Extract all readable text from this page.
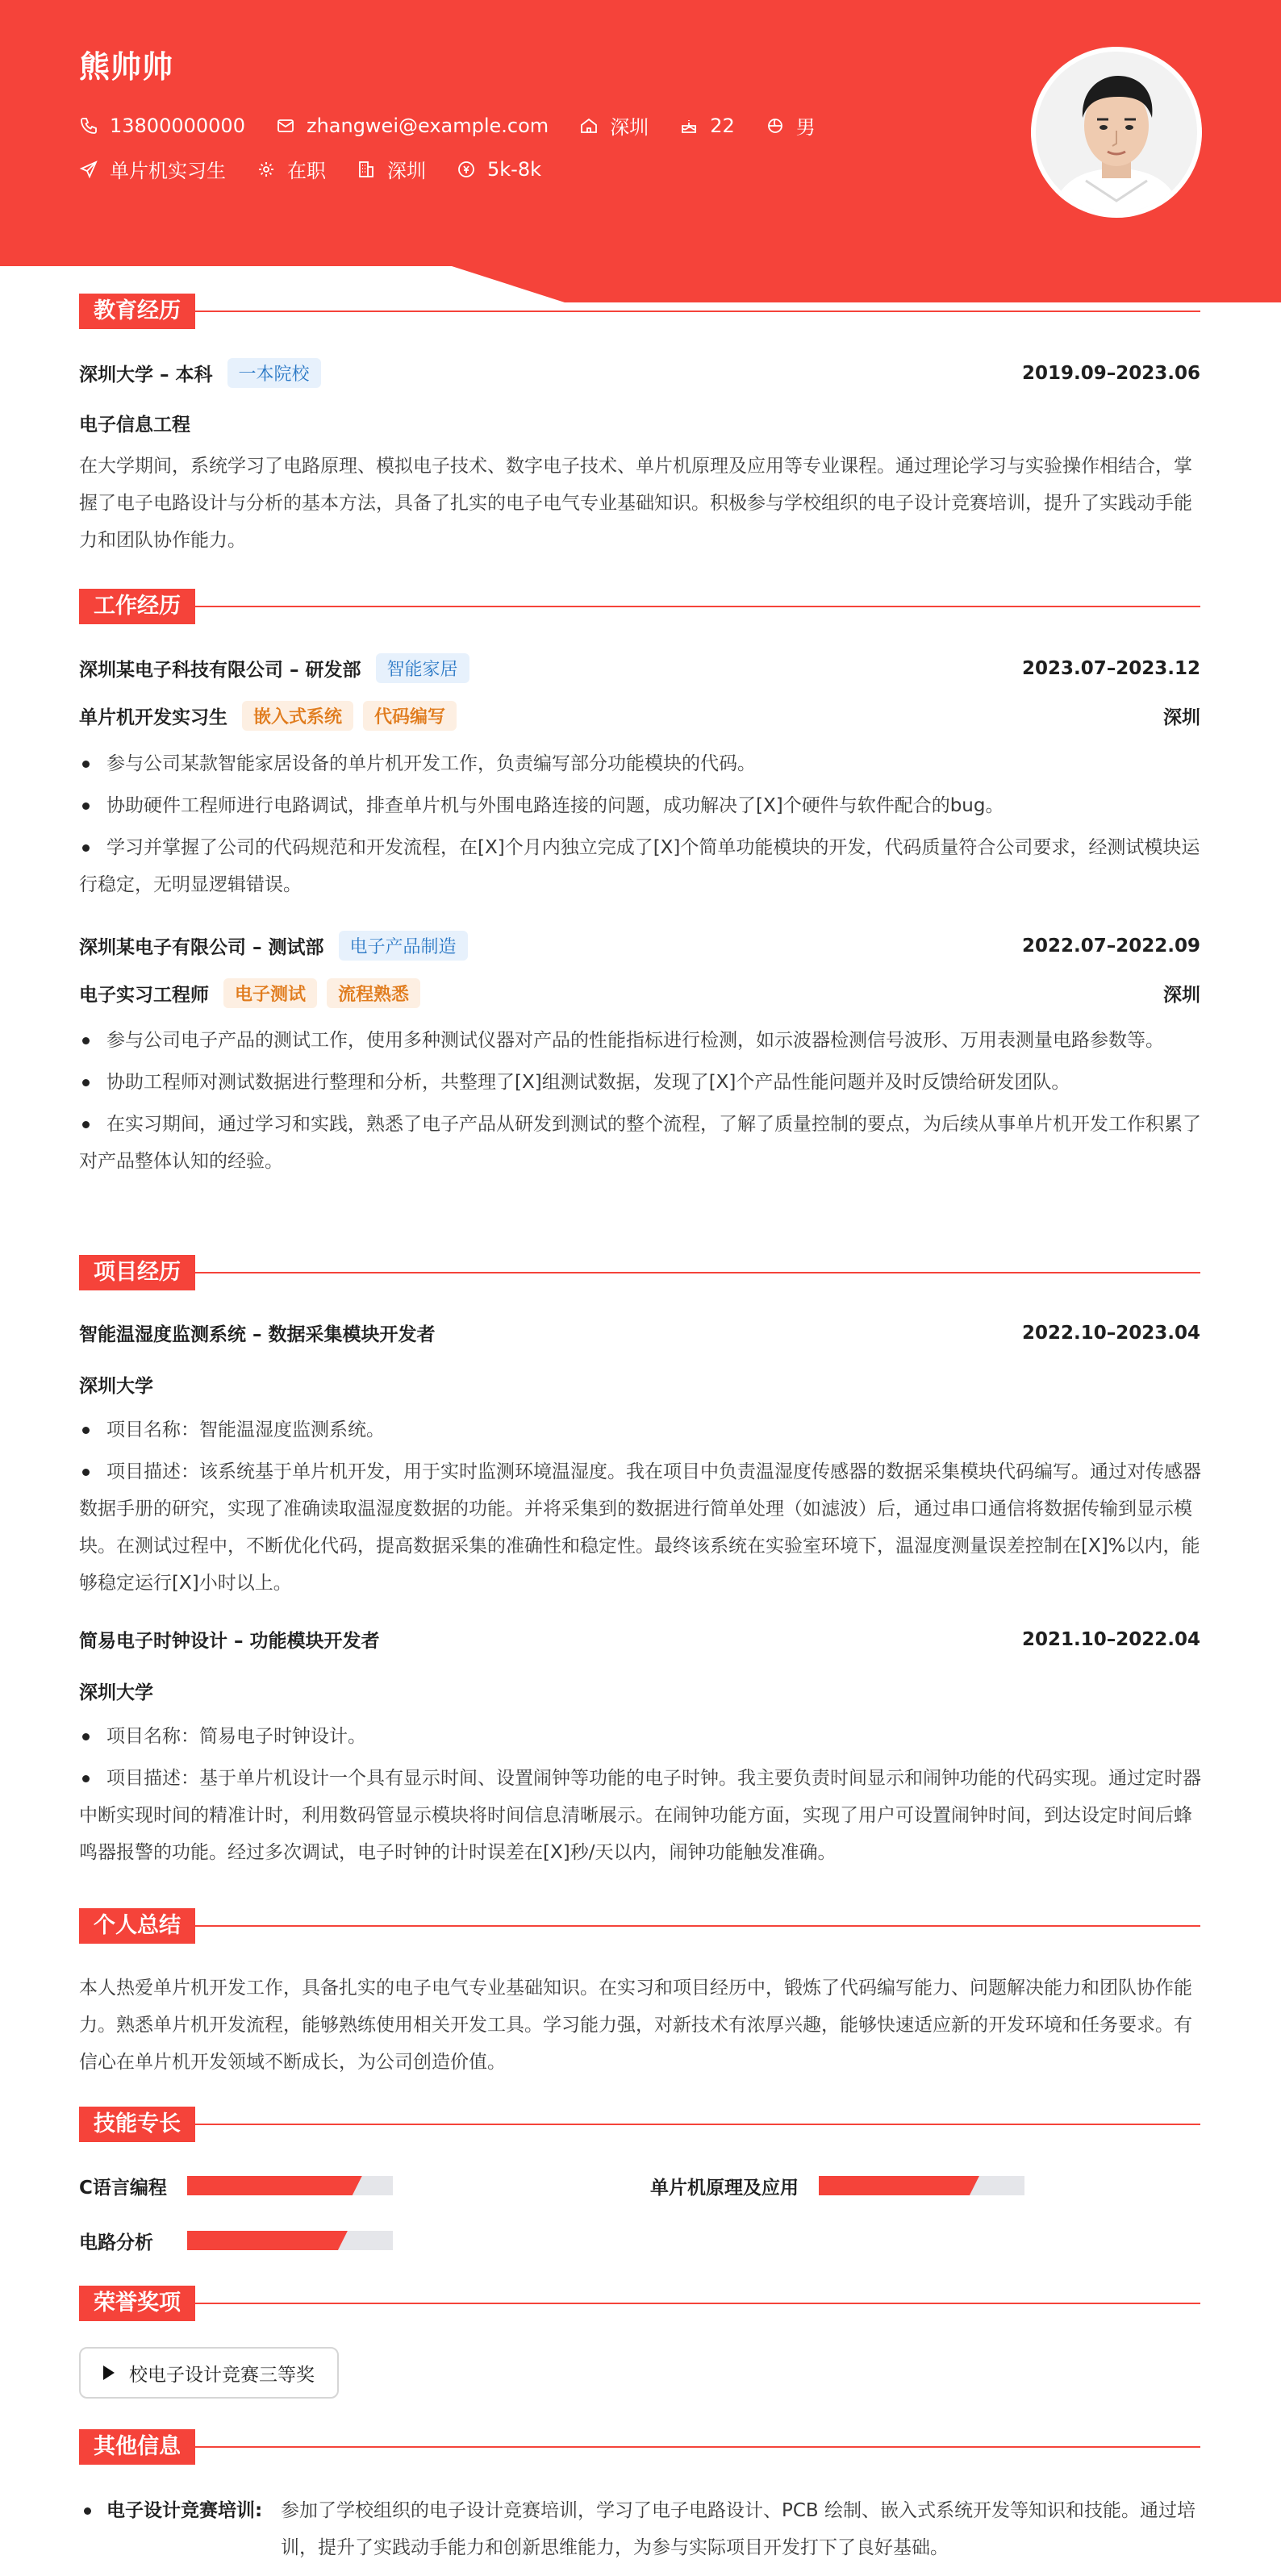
熊帅帅
13800000000	zhangwei@example.com	深圳	22	男
单片机实习生	在职	深圳	5k-8k
教育经历
深圳大学 – 本科	一本院校	2019.09–2023.06
电子信息工程
在大学期间，系统学习了电路原理、模拟电子技术、数字电子技术、单片机原理及应用等专业课程。通过理论学习与实验操作相结合，掌握了电子电路设计与分析的基本方法，具备了扎实的电子电气专业基础知识。积极参与学校组织的电子设计竞赛培训，提升了实践动手能力和团队协作能力。
工作经历
深圳某电子科技有限公司 – 研发部	智能家居	2023.07–2023.12
单片机开发实习生	嵌入式系统	代码编写	深圳
参与公司某款智能家居设备的单片机开发工作，负责编写部分功能模块的代码。
协助硬件工程师进行电路调试，排查单片机与外围电路连接的问题，成功解决了[X]个硬件与软件配合的bug。
学习并掌握了公司的代码规范和开发流程，在[X]个月内独立完成了[X]个简单功能模块的开发，代码质量符合公司要求，经测试模块运行稳定，无明显逻辑错误。
深圳某电子有限公司 – 测试部	电子产品制造	2022.07–2022.09
电子实习工程师	电子测试	流程熟悉	深圳
参与公司电子产品的测试工作，使用多种测试仪器对产品的性能指标进行检测，如示波器检测信号波形、万用表测量电路参数等。
协助工程师对测试数据进行整理和分析，共整理了[X]组测试数据，发现了[X]个产品性能问题并及时反馈给研发团队。
在实习期间，通过学习和实践，熟悉了电子产品从研发到测试的整个流程，了解了质量控制的要点，为后续从事单片机开发工作积累了对产品整体认知的经验。
项目经历
智能温湿度监测系统 – 数据采集模块开发者	2022.10–2023.04
深圳大学
项目名称：智能温湿度监测系统。
项目描述：该系统基于单片机开发，用于实时监测环境温湿度。我在项目中负责温湿度传感器的数据采集模块代码编写。通过对传感器数据手册的研究，实现了准确读取温湿度数据的功能。并将采集到的数据进行简单处理（如滤波）后，通过串口通信将数据传输到显示模块。在测试过程中，不断优化代码，提高数据采集的准确性和稳定性。最终该系统在实验室环境下，温湿度测量误差控制在[X]%以内，能够稳定运行[X]小时以上。
简易电子时钟设计 – 功能模块开发者	2021.10–2022.04
深圳大学
项目名称：简易电子时钟设计。
项目描述：基于单片机设计一个具有显示时间、设置闹钟等功能的电子时钟。我主要负责时间显示和闹钟功能的代码实现。通过定时器中断实现时间的精准计时，利用数码管显示模块将时间信息清晰展示。在闹钟功能方面，实现了用户可设置闹钟时间，到达设定时间后蜂鸣器报警的功能。经过多次调试，电子时钟的计时误差在[X]秒/天以内，闹钟功能触发准确。
个人总结
本人热爱单片机开发工作，具备扎实的电子电气专业基础知识。在实习和项目经历中，锻炼了代码编写能力、问题解决能力和团队协作能力。熟悉单片机开发流程，能够熟练使用相关开发工具。学习能力强，对新技术有浓厚兴趣，能够快速适应新的开发环境和任务要求。有信心在单片机开发领域不断成长，为公司创造价值。
技能专长
C语言编程	单片机原理及应用
电路分析
荣誉奖项
校电子设计竞赛三等奖
其他信息
电子设计竞赛培训: 参加了学校组织的电子设计竞赛培训，学习了电子电路设计、PCB 绘制、嵌入式系统开发等知识和技能。通过培训，提升了实践动手能力和创新思维能力，为参与实际项目开发打下了良好基础。
